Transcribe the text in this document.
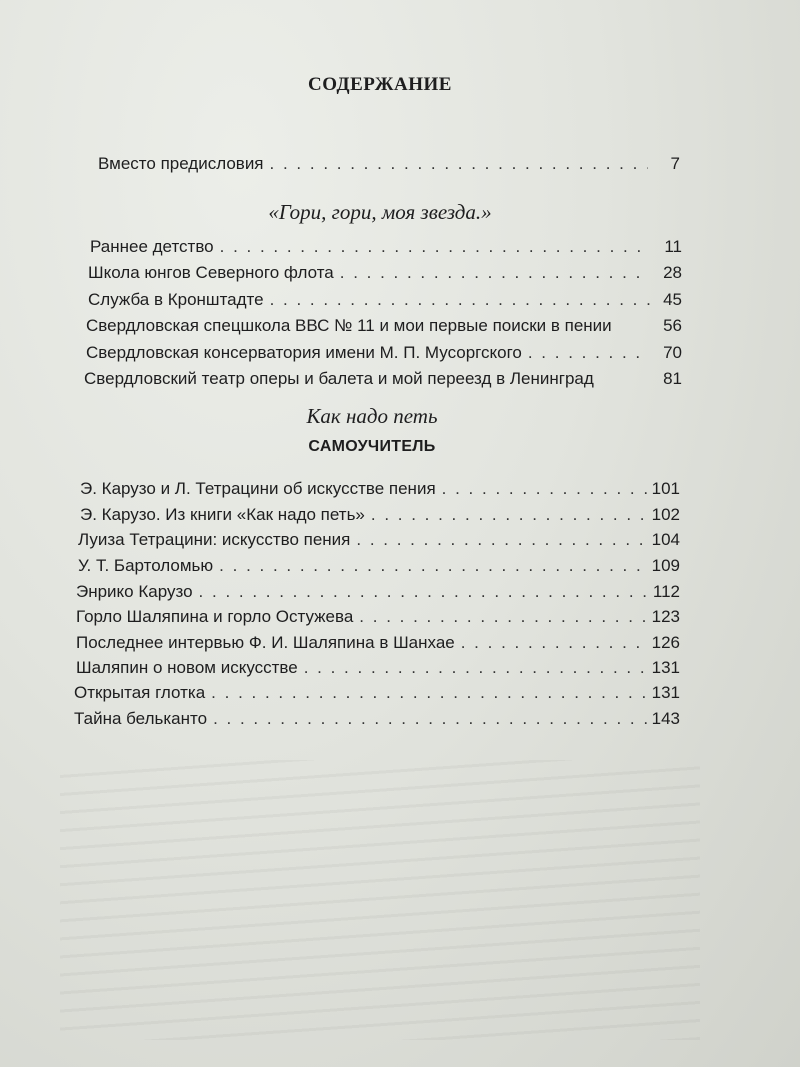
СОДЕРЖАНИЕ
Вместо предисловия . . .	7
«Гори, гори, моя звезда.»
Раннее детство . . .	11
Школа юнгов Северного флота . . .	28
Служба в Кронштадте . . .	45
Свердловская спецшкола ВВС № 11 и мои первые поиски в пении	56
Свердловская консерватория имени М. П. Мусоргского . . .	70
Свердловский театр оперы и балета и мой переезд в Ленинград	81
Как надо петь
САМОУЧИТЕЛЬ
Э. Карузо и Л. Тетрацини об искусстве пения . . .	101
Э. Карузо. Из книги «Как надо петь» . . .	102
Луиза Тетрацини: искусство пения . . .	104
У. Т. Бартоломью . . .	109
Энрико Карузо . . .	112
Горло Шаляпина и горло Остужева . . .	123
Последнее интервью Ф. И. Шаляпина в Шанхае . . .	126
Шаляпин о новом искусстве . . .	131
Открытая глотка . . .	131
Тайна бельканто . . .	143
